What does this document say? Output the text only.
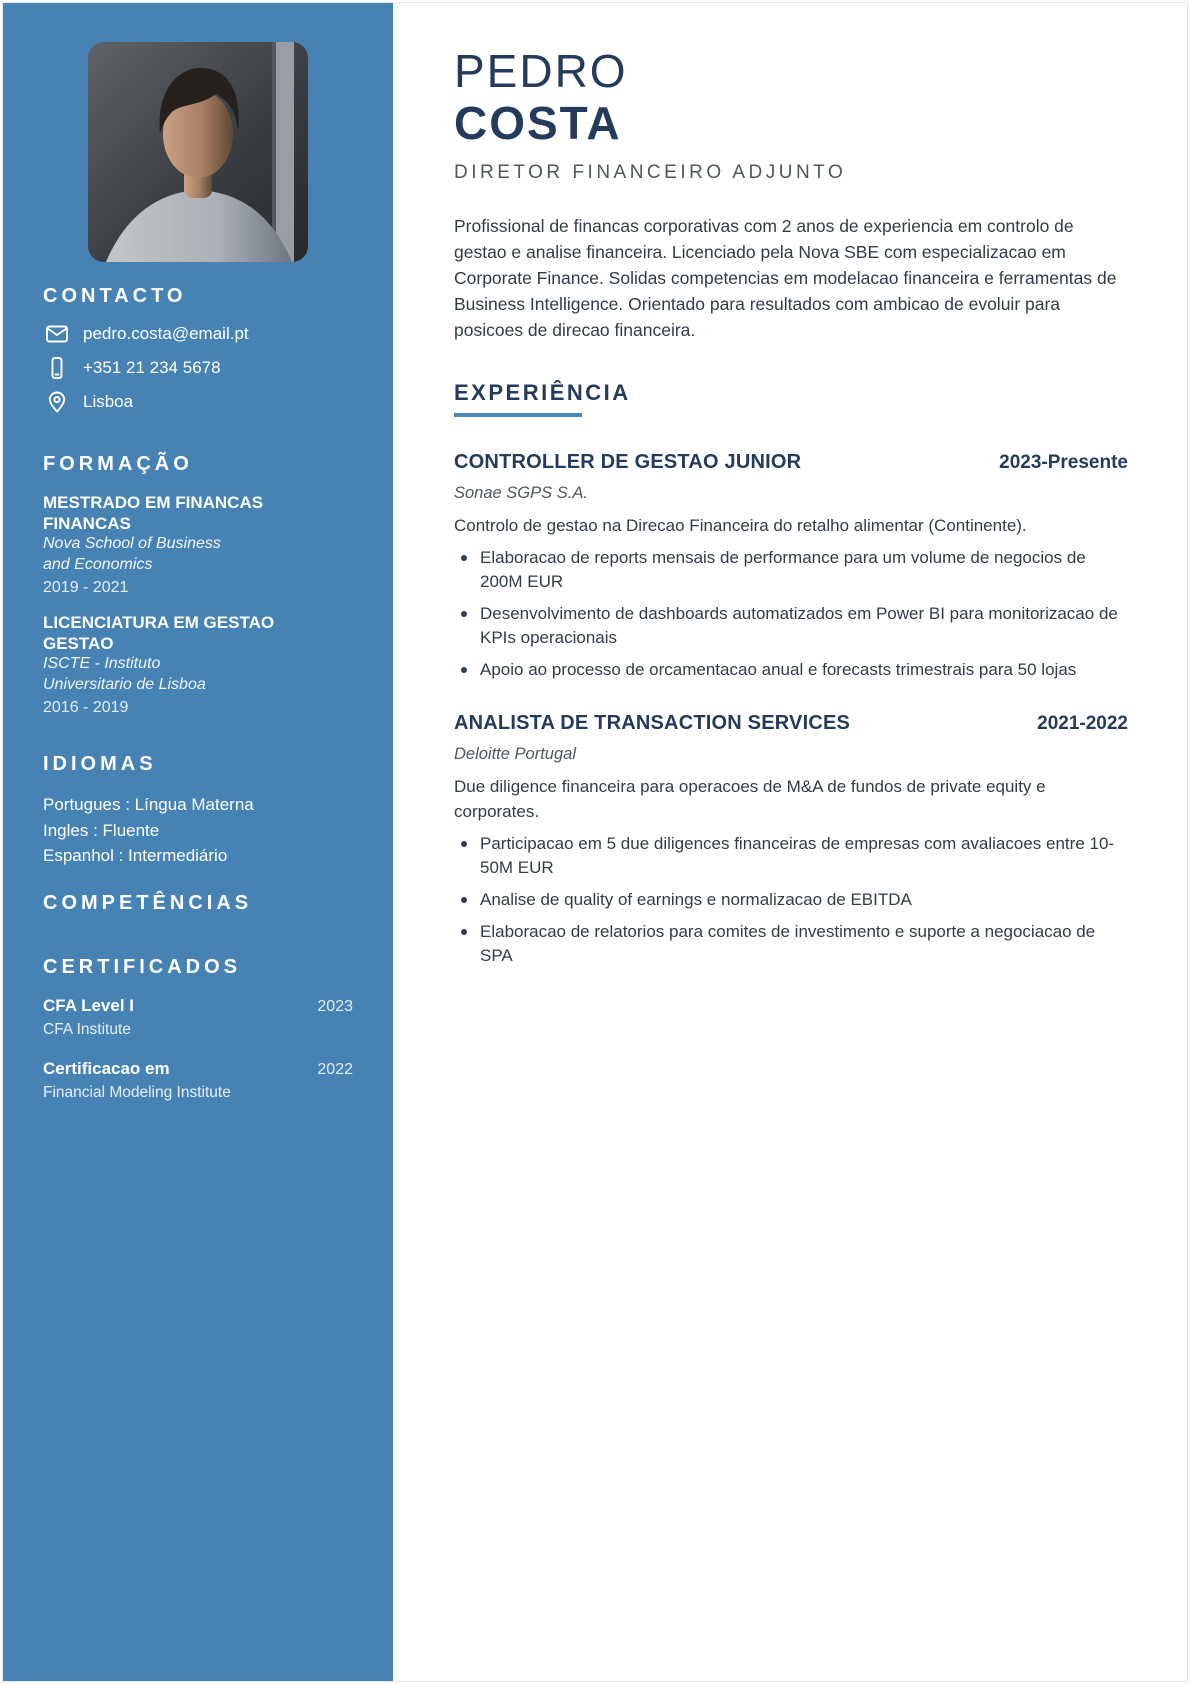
CONTACTO
pedro.costa@email.pt
+351 21 234 5678
Lisboa
FORMAÇÃO
MESTRADO EM FINANCAS
FINANCAS
Nova School of Business
and Economics
2019 - 2021
LICENCIATURA EM GESTAO
GESTAO
ISCTE - Instituto
Universitario de Lisboa
2016 - 2019
IDIOMAS
Portugues : Língua Materna
Ingles : Fluente
Espanhol : Intermediário
COMPETÊNCIAS
CERTIFICADOS
CFA Level I	2023
CFA Institute
Certificacao em	2022
Financial Modeling Institute
PEDRO
COSTA
DIRETOR FINANCEIRO ADJUNTO

Profissional de financas corporativas com 2 anos de experiencia em controlo de gestao e analise financeira. Licenciado pela Nova SBE com especializacao em Corporate Finance. Solidas competencias em modelacao financeira e ferramentas de Business Intelligence. Orientado para resultados com ambicao de evoluir para posicoes de direcao financeira.

EXPERIÊNCIA
CONTROLLER DE GESTAO JUNIOR	2023-Presente
Sonae SGPS S.A.
Controlo de gestao na Direcao Financeira do retalho alimentar (Continente).
Elaboracao de reports mensais de performance para um volume de negocios de 200M EUR
Desenvolvimento de dashboards automatizados em Power BI para monitorizacao de KPIs operacionais
Apoio ao processo de orcamentacao anual e forecasts trimestrais para 50 lojas
ANALISTA DE TRANSACTION SERVICES	2021-2022
Deloitte Portugal
Due diligence financeira para operacoes de M&A de fundos de private equity e corporates.
Participacao em 5 due diligences financeiras de empresas com avaliacoes entre 10-50M EUR
Analise de quality of earnings e normalizacao de EBITDA
Elaboracao de relatorios para comites de investimento e suporte a negociacao de SPA
